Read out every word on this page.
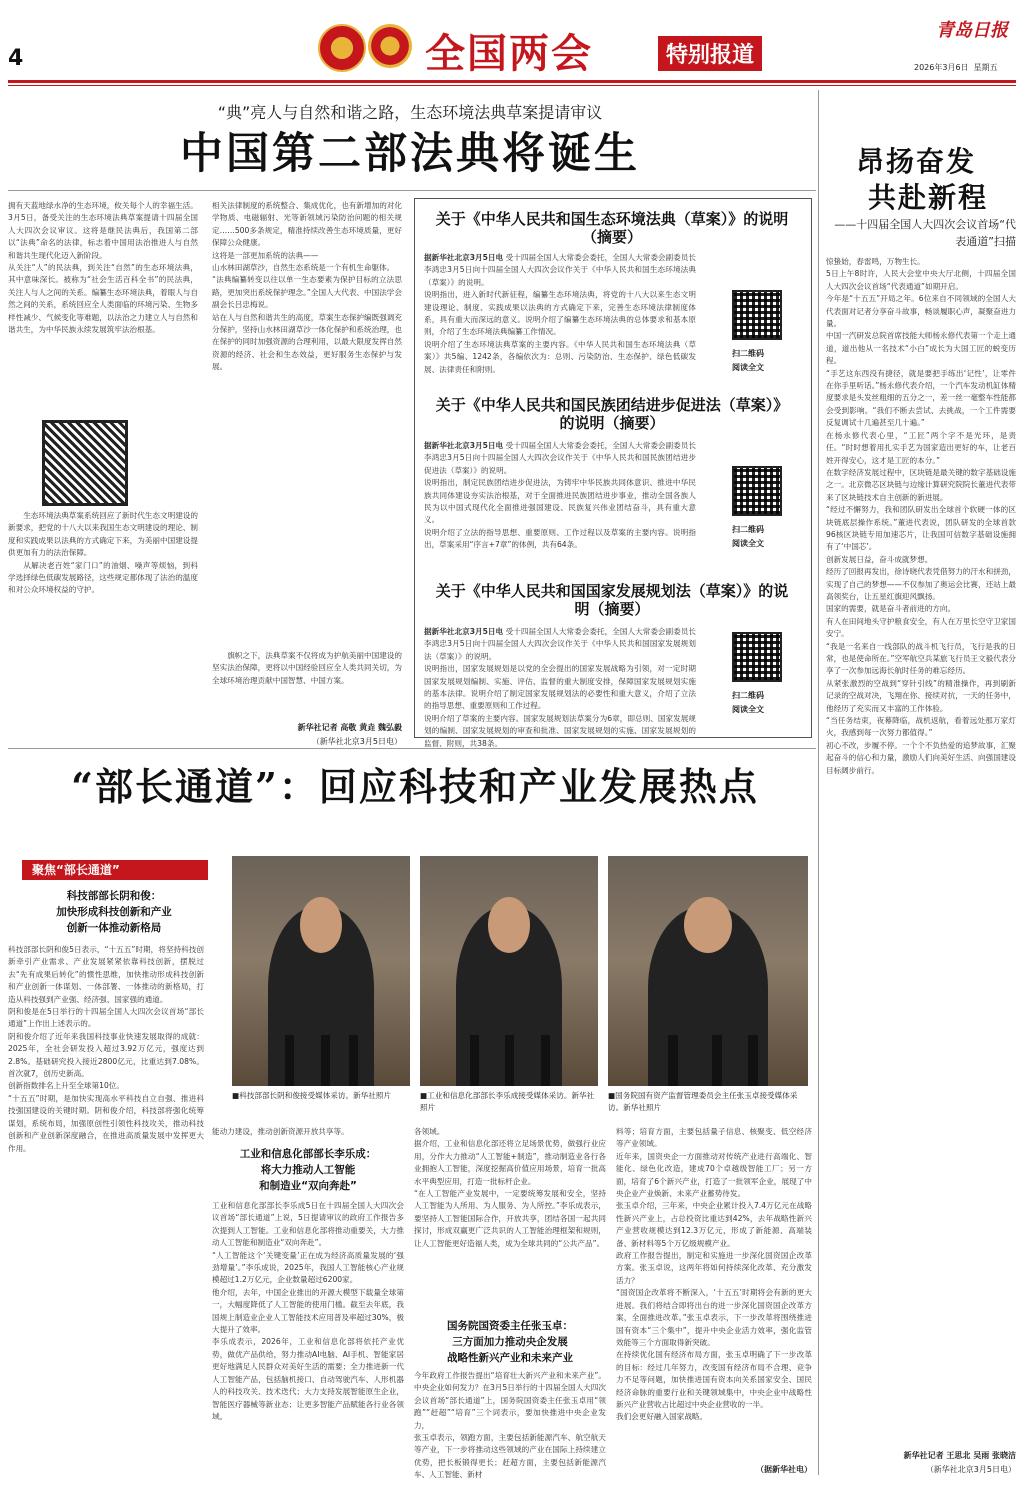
4	全国两会	特别报道
青岛日报
2026年3月6日 星期五
“典”亮人与自然和谐之路，生态环境法典草案提请审议
中国第二部法典将诞生
拥有天蓝地绿水净的生态环境，攸关每个人的幸福生活。
3月5日，备受关注的生态环境法典草案提请十四届全国人大四次会议审议。这将是继民法典后，我国第二部以“法典”命名的法律，标志着中国用法治推进人与自然和谐共生现代化迈入新阶段。
从关注“人”的民法典，到关注“自然”的生态环境法典，其中意味深长。被称为“社会生活百科全书”的民法典，关注人与人之间的关系。编纂生态环境法典，着眼人与自然之间的关系，系统回应全人类面临的环境污染、生物多样性减少、气候变化等难题，以法治之力建立人与自然和谐共生，为中华民族永续发展筑牢法治根基。

生态环境法典草案系统回应了新时代生态文明建设的新要求，把党的十八大以来我国生态文明建设的理论、制度和实践成果以法典的方式确定下来，为美丽中国建设提供更加有力的法治保障。

从解决老百姓“家门口”的油烟、噪声等烦恼，到科学选择绿色低碳发展路径，这些规定都体现了法治的温度和对公众环境权益的守护。

相关法律制度的系统整合、集成优化，也有新增加的对化学物质、电磁辐射、光等新领域污染防治问题的相关规定……500多条规定，精准持续改善生态环境质量，更好保障公众健康。
这将是一部更加系统的法典——
山水林田湖草沙，自然生态系统是一个有机生命躯体。
“法典编纂转变以往以单一生态要素为保护目标的立法思路，更加突出系统保护理念。”全国人大代表、中国法学会副会长吕忠梅说。
站在人与自然和谐共生的高度，草案生态保护编既强调充分保护，坚持山水林田湖草沙一体化保护和系统治理，也在保护的同时加强资源的合理利用，以最大限度发挥自然资源的经济、社会和生态效益，更好服务生态保护与发展。

旗帜之下，法典草案不仅将成为护航美丽中国建设的坚实法治保障，更将以中国经验回应全人类共同关切，为全球环境治理贡献中国智慧、中国方案。

新华社记者 高敬 黄垚 魏弘毅
（新华社北京3月5日电）
关于《中华人民共和国生态环境法典（草案）》的说明（摘要）
据新华社北京3月5日电 受十四届全国人大常委会委托，全国人大常委会副委员长李鸿忠3月5日向十四届全国人大四次会议作关于《中华人民共和国生态环境法典（草案）》的说明。
说明指出，进入新时代新征程，编纂生态环境法典，将党的十八大以来生态文明建设理论、制度、实践成果以法典的方式确定下来，完善生态环境法律制度体系，具有重大而深远的意义。说明介绍了编纂生态环境法典的总体要求和基本原则，介绍了生态环境法典编纂工作情况。
说明介绍了生态环境法典草案的主要内容。《中华人民共和国生态环境法典（草案）》共5编、1242条，各编依次为：总则、污染防治、生态保护、绿色低碳发展、法律责任和附则。
扫二维码
阅读全文
关于《中华人民共和国民族团结进步促进法（草案）》的说明（摘要）
据新华社北京3月5日电 受十四届全国人大常委会委托，全国人大常委会副委员长李鸿忠3月5日向十四届全国人大四次会议作关于《中华人民共和国民族团结进步促进法（草案）》的说明。
说明指出，制定民族团结进步促进法，为铸牢中华民族共同体意识、推进中华民族共同体建设夯实法治根基，对于全面推进民族团结进步事业，推动全国各族人民为以中国式现代化全面推进强国建设、民族复兴伟业团结奋斗，具有重大意义。
说明介绍了立法的指导思想、重要原则、工作过程以及草案的主要内容。说明指出，草案采用“序言+7章”的体例，共有64条。
扫二维码
阅读全文
关于《中华人民共和国国家发展规划法（草案）》的说明（摘要）
据新华社北京3月5日电 受十四届全国人大常委会委托，全国人大常委会副委员长李鸿忠3月5日向十四届全国人大四次会议作关于《中华人民共和国国家发展规划法（草案）》的说明。
说明指出，国家发展规划是以党的全会提出的国家发展战略为引领，对一定时期国家发展规划编制、实施、评估、监督的重大制度安排，保障国家发展规划实施的基本法律。说明介绍了制定国家发展规划法的必要性和重大意义，介绍了立法的指导思想、重要原则和工作过程。
说明介绍了草案的主要内容。国家发展规划法草案分为6章，即总则、国家发展规划的编制、国家发展规划的审查和批准、国家发展规划的实施、国家发展规划的监督、附则，共38条。
扫二维码
阅读全文
昂扬奋发
共赴新程
——十四届全国人大四次会议首场“代表通道”扫描
惊蛰始，春雷鸣，万物生长。
5日上午8时许，人民大会堂中央大厅北侧，十四届全国人大四次会议首场“代表通道”如期开启。
今年是“十五五”开局之年。6位来自不同领域的全国人大代表面对记者分享奋斗故事，畅谈履职心声，凝聚奋进力量。
中国一汽研发总院首席技能大师杨永修代表第一个走上通道，道出他从一名技术“小白”成长为大国工匠的蜕变历程。
“手艺这东西没有捷径，就是要把手练出‘记性’，让零件在你手里听话。”杨永修代表介绍，一个汽车发动机缸体精度要求是头发丝粗细的五分之一，差一丝一毫整车性能都会受到影响。“我们不断去尝试、去挑战，一个工件需要反复调试十几遍甚至几十遍。”
在杨永修代表心里，“工匠”两个字不是光环，是责任。“时时想着用扎实手艺为国家造出更好的车，让老百姓开得安心，这才是工匠的本分。”
在数字经济发展过程中，区块链是最关键的数字基础设施之一。北京微芯区块链与边缘计算研究院院长董进代表带来了区块链技术自主创新的新进展。
“经过不懈努力，我和团队研发出全球首个软硬一体的区块链底层操作系统。”董进代表说，团队研发的全球首款96核区块链专用加速芯片，让我国可信数字基础设施拥有了‘中国芯’。
创新发展日益，奋斗成就梦想。
经历了回报再发出，徐诗晓代表凭借努力的汗水和拼劲，实现了自己的梦想——不仅参加了奥运会比赛，还站上最高领奖台，让五星红旗迎风飘扬。
国家的需要，就是奋斗者前进的方向。
有人在田间地头守护粮食安全，有人在万里长空守卫家国安宁。
“我是一名来自一线部队的战斗机飞行员，飞行是我的日常，也是使命所在。”空军航空兵某旅飞行员王文毅代表分享了一次参加远海长航时任务的难忘经历。
从紧张激烈的空战到“穿针引线”的精准操作，再到刷新记录的空战对决，飞翔在你、接续对抗，一天的任务中，他经历了充实而又丰富的工作体验。
“当任务结束，夜幕降临，战机返航，看着远处那万家灯火，我感到每一次努力都值得。”
初心不改，步履不停。一个个不负热爱的追梦故事，汇聚起奋斗的信心和力量，激励人们向美好生活、向强国建设目标阔步前行。
新华社记者 王思北 吴雨 张晓洁
（新华社北京3月5日电）
“部长通道”：回应科技和产业发展热点
聚焦“部长通道”
科技部部长阴和俊：
加快形成科技创新和产业
创新一体推动新格局
科技部部长阴和俊5日表示，“十五五”时期，将坚持科技创新牵引产业需求、产业发展紧紧依靠科技创新，摆脱过去“先有成果后转化”的惯性思维，加快推动形成科技创新和产业创新一体谋划、一体部署、一体推动的新格局，打造从科技强到产业强、经济强、国家强的通道。
阴和俊是在5日举行的十四届全国人大四次会议首场“部长通道”上作出上述表示的。
阴和俊介绍了近年来我国科技事业快速发展取得的成就：2025年，全社会研发投入超过3.92万亿元，强度达到2.8%。基础研究投入接近2800亿元，比重达到7.08%。首次就7，创历史新高。
创新指数排名上升至全球第10位。
“十五五”时期，是加快实现高水平科技自立自强、推进科技强国建设的关键时期。阴和俊介绍，科技部将强化统筹谋划，系统布局，加强原创性引领性科技攻关，推动科技创新和产业创新深度融合，在推进高质量发展中发挥更大作用。
■科技部部长阴和俊接受媒体采访。新华社照片	■工业和信息化部部长李乐成接受媒体采访。新华社照片
■国务院国有资产监督管理委员会主任张玉卓接受媒体采访。新华社照片
能动力建设，推动创新资源开放共享等。
工业和信息化部部长李乐成：
将大力推动人工智能
和制造业“双向奔赴”
工业和信息化部部长李乐成5日在十四届全国人大四次会议首场“部长通道”上说，5日提请审议的政府工作报告多次提到人工智能。工业和信息化部将推动重要关，大力推动人工智能和制造业“双向奔赴”。
“人工智能这个‘关键变量’正在成为经济高质量发展的‘强劲增量’。”李乐成说，2025年，我国人工智能核心产业规模超过1.2万亿元，企业数量超过6200家。
他介绍，去年，中国企业推出的开源大模型下载量全球第一，大幅度降低了人工智能的使用门槛。截至去年底，我国规上制造业企业人工智能技术应用普及率超过30%，极大提升了效率。
李乐成表示，2026年，工业和信息化部将依托产业优势，做优产品供给，努力推动AI电脑、AI手机、智能家居更好地满足人民群众对美好生活的需要；全力推进新一代人工智能产品，包括脑机接口、自动驾驶汽车、人形机器人的科技攻关、技术迭代；大力支持发展智能原生企业，智能医疗器械等新业态；让更多智能产品赋能各行业各领域。
各领域。
据介绍，工业和信息化部还将立足场景优势，做强行业应用，分作大力推动“人工智能+制造”，推动制造业各行各业拥抱人工智能，深度挖掘高价值应用场景，培育一批高水平典型应用，打造一批标杆企业。
“在人工智能产业发展中，一定要统筹发展和安全，坚持人工智能为人所用、为人服务、为人所控。”李乐成表示，要坚持人工智能国际合作，开放共享，团结各国一起共同探讨，形成双赢更广泛共识的人工智能治理框架和规则，让人工智能更好造福人类，成为全球共同的“公共产品”。
国务院国资委主任张玉卓：
三方面加力推动央企发展
战略性新兴产业和未来产业
今年政府工作报告提出“培育壮大新兴产业和未来产业”。中央企业如何发力？在3月5日举行的十四届全国人大四次会议首场“部长通道”上，国务院国资委主任张玉卓用“领跑”“赶超”“培育”三个词表示，要加快推进中央企业发力，
张玉卓表示，领跑方面，主要包括新能源汽车、航空航天等产业，下一步将推动这些领域的产业在国际上持续建立优势，把长板锻得更长；赶超方面，主要包括新能源汽车、人工智能、新材
料等；培育方面，主要包括量子信息、核聚变、低空经济等产业领域。
近年来，国资央企一方面推动对传统产业进行高端化、智能化、绿色化改造，建成70个卓越级智能工厂；另一方面，培育了6个新兴产业，打造了一批领军企业，展现了中央企业产业焕新、未来产业蓄势待发。
张玉卓介绍，三年来，中央企业累计投入7.4万亿元在战略性新兴产业上，占总投资比重达到42%，去年战略性新兴产业营收规模达到12.3万亿元，形成了新能源、高端装备、新材料等5个万亿级规模产业。
政府工作报告提出，制定和实施进一步深化国资国企改革方案。张玉卓说，这两年将如何持续深化改革、充分激发活力？
“国资国企改革将不断深入，‘十五五’时期将会有新的更大进展。我们将结合即将出台的进一步深化国资国企改革方案，全面推进改革。”张玉卓表示，下一步改革将围绕推进国有资本“三个集中”，提升中央企业活力效率，强化监管效能等三个方面取得新突破。
在持续优化国有经济布局方面，张玉卓明确了下一步改革的目标：经过几年努力，改变国有经济布局不合理、竞争力不足等问题，加快推进国有资本向关系国家安全、国民经济命脉的重要行业和关键领域集中，中央企业中战略性新兴产业营收占比超过中央企业营收的一半。
我们会更好融入国家战略。
（据新华社电）
